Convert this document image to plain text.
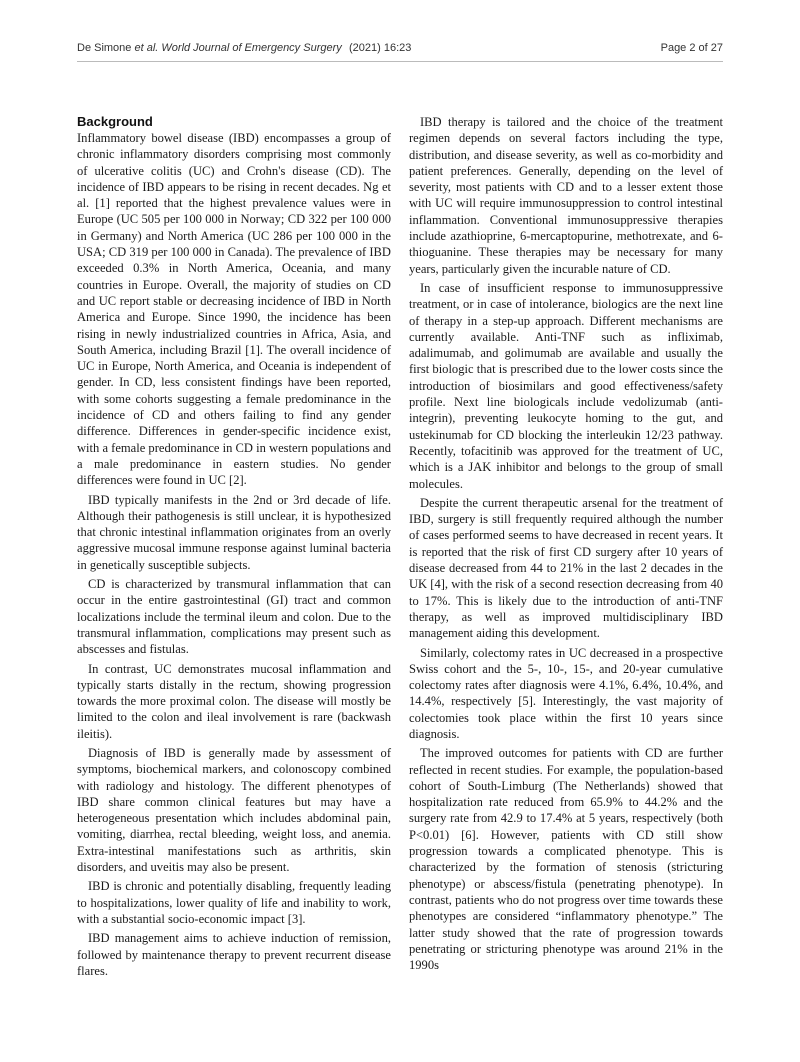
De Simone et al. World Journal of Emergency Surgery (2021) 16:23	Page 2 of 27
Background

Inflammatory bowel disease (IBD) encompasses a group of chronic inflammatory disorders comprising most commonly of ulcerative colitis (UC) and Crohn's disease (CD). The incidence of IBD appears to be rising in recent decades. Ng et al. [1] reported that the highest prevalence values were in Europe (UC 505 per 100 000 in Norway; CD 322 per 100 000 in Germany) and North America (UC 286 per 100 000 in the USA; CD 319 per 100 000 in Canada). The prevalence of IBD exceeded 0.3% in North America, Oceania, and many countries in Europe. Overall, the majority of studies on CD and UC report stable or decreasing incidence of IBD in North America and Europe. Since 1990, the incidence has been rising in newly industrialized countries in Africa, Asia, and South America, including Brazil [1]. The overall incidence of UC in Europe, North America, and Oceania is independent of gender. In CD, less consistent findings have been reported, with some cohorts suggesting a female predominance in the incidence of CD and others failing to find any gender difference. Differences in gender-specific incidence exist, with a female predominance in CD in western populations and a male predominance in eastern studies. No gender differences were found in UC [2].

IBD typically manifests in the 2nd or 3rd decade of life. Although their pathogenesis is still unclear, it is hypothesized that chronic intestinal inflammation originates from an overly aggressive mucosal immune response against luminal bacteria in genetically susceptible subjects.

CD is characterized by transmural inflammation that can occur in the entire gastrointestinal (GI) tract and common localizations include the terminal ileum and colon. Due to the transmural inflammation, complications may present such as abscesses and fistulas.

In contrast, UC demonstrates mucosal inflammation and typically starts distally in the rectum, showing progression towards the more proximal colon. The disease will mostly be limited to the colon and ileal involvement is rare (backwash ileitis).

Diagnosis of IBD is generally made by assessment of symptoms, biochemical markers, and colonoscopy combined with radiology and histology. The different phenotypes of IBD share common clinical features but may have a heterogeneous presentation which includes abdominal pain, vomiting, diarrhea, rectal bleeding, weight loss, and anemia. Extra-intestinal manifestations such as arthritis, skin disorders, and uveitis may also be present.

IBD is chronic and potentially disabling, frequently leading to hospitalizations, lower quality of life and inability to work, with a substantial socio-economic impact [3].

IBD management aims to achieve induction of remission, followed by maintenance therapy to prevent recurrent disease flares.

IBD therapy is tailored and the choice of the treatment regimen depends on several factors including the type, distribution, and disease severity, as well as co-morbidity and patient preferences. Generally, depending on the level of severity, most patients with CD and to a lesser extent those with UC will require immunosuppression to control intestinal inflammation. Conventional immunosuppressive therapies include azathioprine, 6-mercaptopurine, methotrexate, and 6-thioguanine. These therapies may be necessary for many years, particularly given the incurable nature of CD.

In case of insufficient response to immunosuppressive treatment, or in case of intolerance, biologics are the next line of therapy in a step-up approach. Different mechanisms are currently available. Anti-TNF such as infliximab, adalimumab, and golimumab are available and usually the first biologic that is prescribed due to the lower costs since the introduction of biosimilars and good effectiveness/safety profile. Next line biologicals include vedolizumab (anti-integrin), preventing leukocyte homing to the gut, and ustekinumab for CD blocking the interleukin 12/23 pathway. Recently, tofacitinib was approved for the treatment of UC, which is a JAK inhibitor and belongs to the group of small molecules.

Despite the current therapeutic arsenal for the treatment of IBD, surgery is still frequently required although the number of cases performed seems to have decreased in recent years. It is reported that the risk of first CD surgery after 10 years of disease decreased from 44 to 21% in the last 2 decades in the UK [4], with the risk of a second resection decreasing from 40 to 17%. This is likely due to the introduction of anti-TNF therapy, as well as improved multidisciplinary IBD management aiding this development.

Similarly, colectomy rates in UC decreased in a prospective Swiss cohort and the 5-, 10-, 15-, and 20-year cumulative colectomy rates after diagnosis were 4.1%, 6.4%, 10.4%, and 14.4%, respectively [5]. Interestingly, the vast majority of colectomies took place within the first 10 years since diagnosis.

The improved outcomes for patients with CD are further reflected in recent studies. For example, the population-based cohort of South-Limburg (The Netherlands) showed that hospitalization rate reduced from 65.9% to 44.2% and the surgery rate from 42.9 to 17.4% at 5 years, respectively (both P<0.01) [6]. However, patients with CD still show progression towards a complicated phenotype. This is characterized by the formation of stenosis (stricturing phenotype) or abscess/fistula (penetrating phenotype). In contrast, patients who do not progress over time towards these phenotypes are considered “inflammatory phenotype.” The latter study showed that the rate of progression towards penetrating or stricturing phenotype was around 21% in the 1990s
